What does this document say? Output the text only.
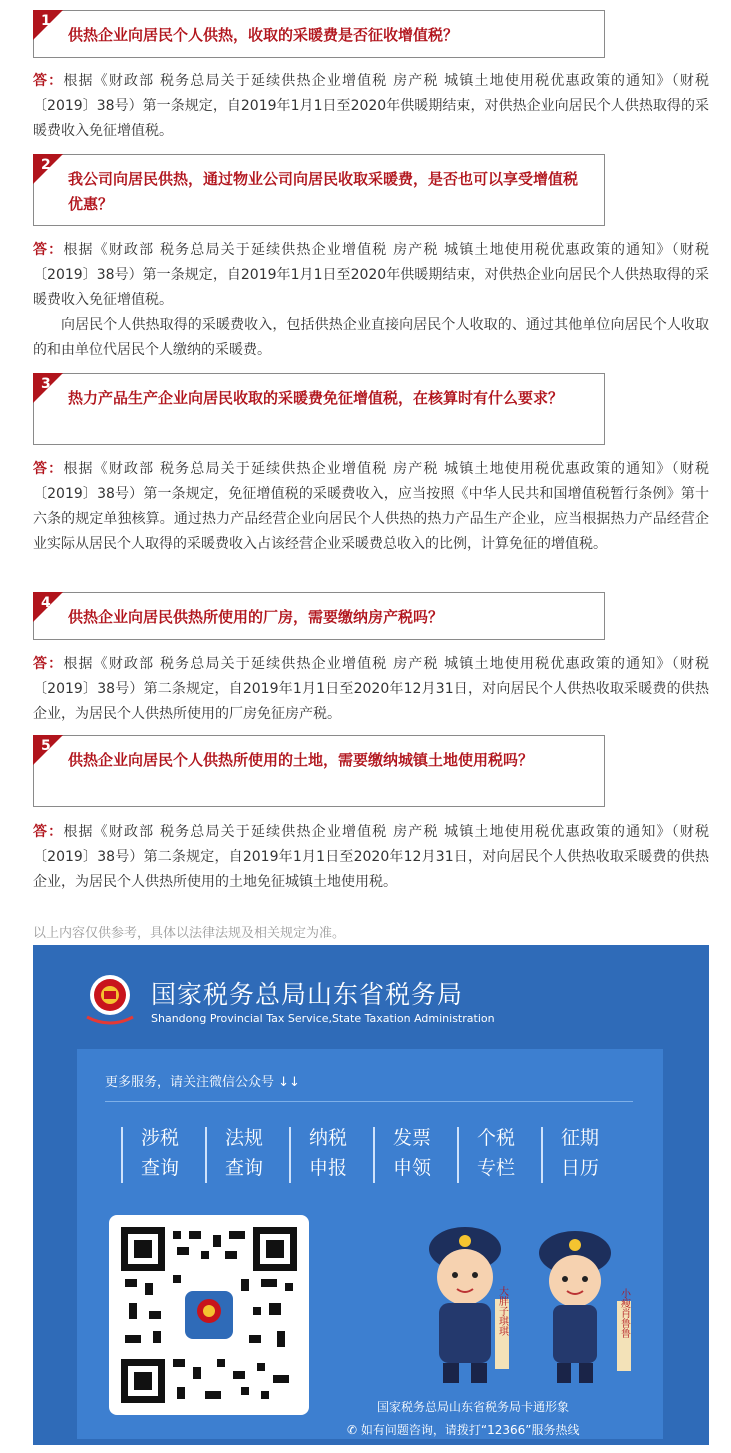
1
供热企业向居民个人供热，收取的采暖费是否征收增值税？

答：根据《财政部 税务总局关于延续供热企业增值税 房产税 城镇土地使用税优惠政策的通知》（财税〔2019〕38号）第一条规定，自2019年1月1日至2020年供暖期结束，对供热企业向居民个人供热取得的采暖费收入免征增值税。

2
我公司向居民供热，通过物业公司向居民收取采暖费，是否也可以享受增值税优惠？

答：根据《财政部 税务总局关于延续供热企业增值税 房产税 城镇土地使用税优惠政策的通知》（财税〔2019〕38号）第一条规定，自2019年1月1日至2020年供暖期结束，对供热企业向居民个人供热取得的采暖费收入免征增值税。

向居民个人供热取得的采暖费收入，包括供热企业直接向居民个人收取的、通过其他单位向居民个人收取的和由单位代居民个人缴纳的采暖费。

3
热力产品生产企业向居民收取的采暖费免征增值税，在核算时有什么要求？

答：根据《财政部 税务总局关于延续供热企业增值税 房产税 城镇土地使用税优惠政策的通知》（财税〔2019〕38号）第一条规定，免征增值税的采暖费收入，应当按照《中华人民共和国增值税暂行条例》第十六条的规定单独核算。通过热力产品经营企业向居民个人供热的热力产品生产企业，应当根据热力产品经营企业实际从居民个人取得的采暖费收入占该经营企业采暖费总收入的比例，计算免征的增值税。

4
供热企业向居民供热所使用的厂房，需要缴纳房产税吗？

答：根据《财政部 税务总局关于延续供热企业增值税 房产税 城镇土地使用税优惠政策的通知》（财税〔2019〕38号）第二条规定，自2019年1月1日至2020年12月31日，对向居民个人供热收取采暖费的供热企业，为居民个人供热所使用的厂房免征房产税。

5
供热企业向居民个人供热所使用的土地，需要缴纳城镇土地使用税吗？

答：根据《财政部 税务总局关于延续供热企业增值税 房产税 城镇土地使用税优惠政策的通知》（财税〔2019〕38号）第二条规定，自2019年1月1日至2020年12月31日，对向居民个人供热收取采暖费的供热企业，为居民个人供热所使用的土地免征城镇土地使用税。

以上内容仅供参考，具体以法律法规及相关规定为准。
国家税务总局山东省税务局
Shandong Provincial Tax Service,State Taxation Administration
更多服务，请关注微信公众号 ↓↓
涉税
查询
法规
查询
纳税
申报
发票
申领
个税
专栏
征期
日历
大胖子琪琪	小瘦肖鲁鲁
国家税务总局山东省税务局卡通形象
✆ 如有问题咨询，请拨打“12366”服务热线
